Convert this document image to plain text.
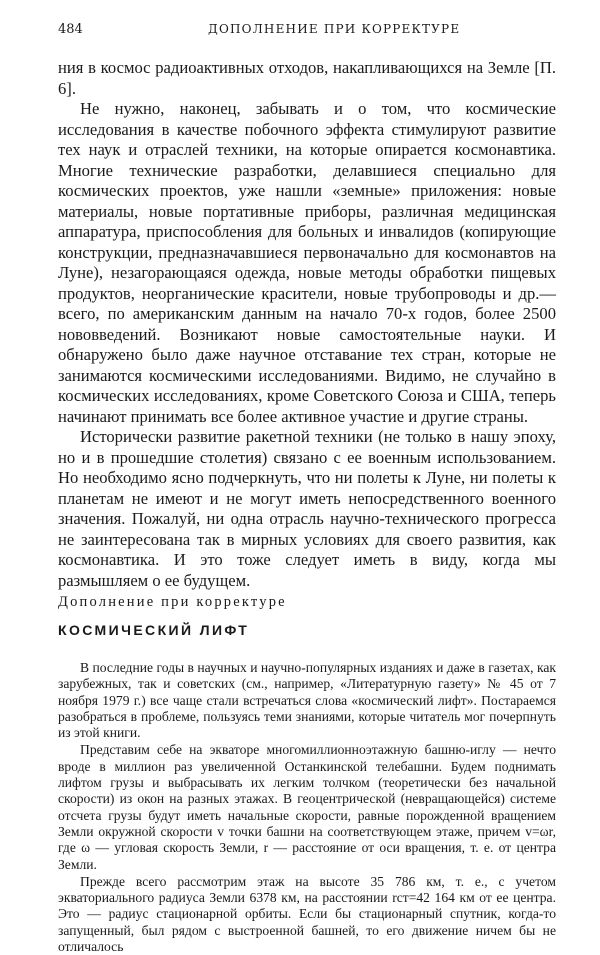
484	ДОПОЛНЕНИЕ ПРИ КОРРЕКТУРЕ

ния в космос радиоактивных отходов, накапливающихся на Земле [П. 6].

Не нужно, наконец, забывать и о том, что космические исследования в качестве побочного эффекта стимулируют развитие тех наук и отраслей техники, на которые опирается космонавтика. Многие технические разработки, делавшиеся специально для космических проектов, уже нашли «земные» приложения: новые материалы, новые портативные приборы, различная медицинская аппаратура, приспособления для больных и инвалидов (копирующие конструкции, предназначавшиеся первоначально для космонавтов на Луне), незагорающаяся одежда, новые методы обработки пищевых продуктов, неорганические красители, новые трубопроводы и др.— всего, по американским данным на начало 70-х годов, более 2500 нововведений. Возникают новые самостоятельные науки. И обнаружено было даже научное отставание тех стран, которые не занимаются космическими исследованиями. Видимо, не случайно в космических исследованиях, кроме Советского Союза и США, теперь начинают принимать все более активное участие и другие страны.

Исторически развитие ракетной техники (не только в нашу эпоху, но и в прошедшие столетия) связано с ее военным использованием. Но необходимо ясно подчеркнуть, что ни полеты к Луне, ни полеты к планетам не имеют и не могут иметь непосредственного военного значения. Пожалуй, ни одна отрасль научно-технического прогресса не заинтересована так в мирных условиях для своего развития, как космонавтика. И это тоже следует иметь в виду, когда мы размышляем о ее будущем.

Дополнение при корректуре
КОСМИЧЕСКИЙ ЛИФТ

В последние годы в научных и научно-популярных изданиях и даже в газетах, как зарубежных, так и советских (см., например, «Литературную газету» № 45 от 7 ноября 1979 г.) все чаще стали встречаться слова «космический лифт». Постараемся разобраться в проблеме, пользуясь теми знаниями, которые читатель мог почерпнуть из этой книги.

Представим себе на экваторе многомиллионноэтажную башню-иглу — нечто вроде в миллион раз увеличенной Останкинской телебашни. Будем поднимать лифтом грузы и выбрасывать их легким толчком (теоретически без начальной скорости) из окон на разных этажах. В геоцентрической (невращающейся) системе отсчета грузы будут иметь начальные скорости, равные порожденной вращением Земли окружной скорости v точки башни на соответствующем этаже, причем v=ωr, где ω — угловая скорость Земли, r — расстояние от оси вращения, т. е. от центра Земли.

Прежде всего рассмотрим этаж на высоте 35 786 км, т. е., с учетом экваториального радиуса Земли 6378 км, на расстоянии rст=42 164 км от ее центра. Это — радиус стационарной орбиты. Если бы стационарный спутник, когда-то запущенный, был рядом с выстроенной башней, то его движение ничем бы не отличалось
